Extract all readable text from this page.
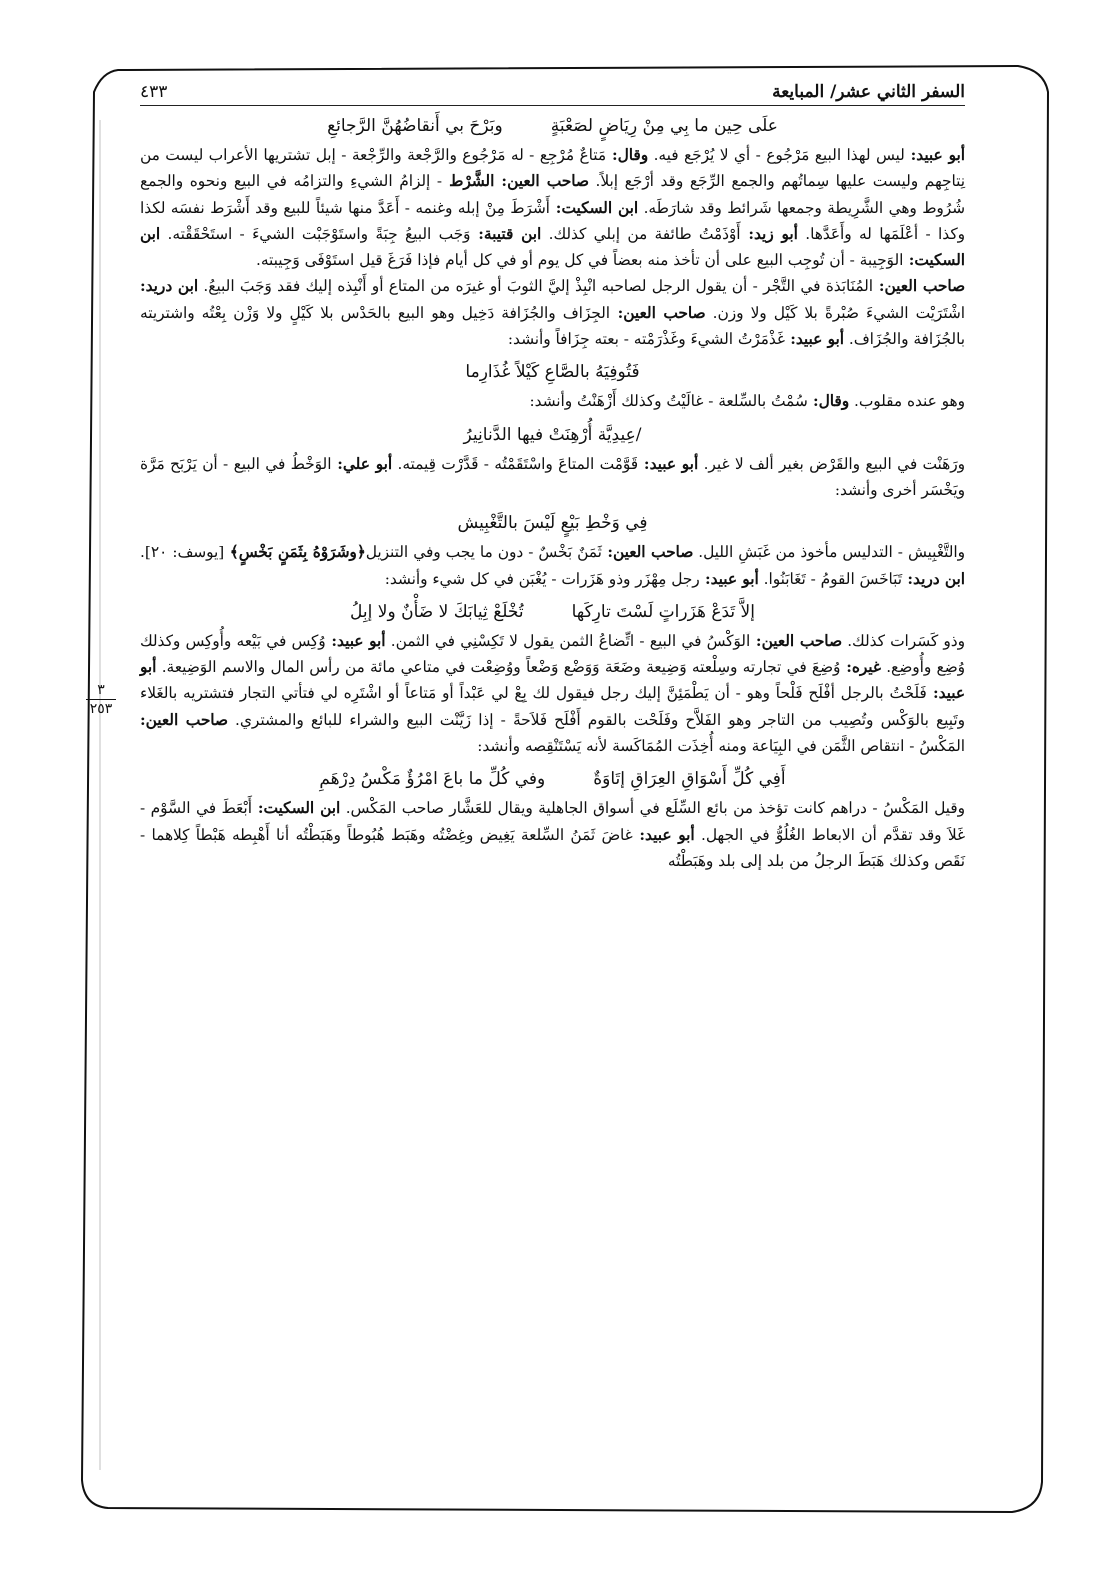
السفر الثاني عشر/ المبايعة
٤٣٣
علَى حِين ما بِي مِنْ رِيَاضٍ لصَعْبَةٍ
وبَرْحَ بي أَنقاضُهُنَّ الرَّجائعِ

أبو عبيد: ليس لهذا البيع مَرْجُوع - أي لا يُرْجَع فيه. وقال: مَتاعٌ مُرْجِع - له مَرْجُوع والرَّجْعة والرِّجْعة - إبل تشتريها الأعراب ليست من نِتاجِهم وليست عليها سِماتُهم والجمع الرِّجَع وقد أرْجَع إبلاً. صاحب العين: الشَّرْط - إلزامُ الشيءِ والتزامُه في البيع ونحوه والجمع شُرُوط وهي الشَّرِيطة وجمعها شَرائط وقد شارَطَه. ابن السكيت: أَشْرَطَ مِنْ إبله وغنمه - أَعَدَّ منها شيئاً للبيع وقد أَشْرَط نفسَه لكذا وكذا - أعْلَمَها له وأَعَدَّها. أبو زيد: أَوْذَمْتُ طائفة من إبلي كذلك. ابن قتيبة: وَجَب البيعُ جِبَةً واستَوْجَبْت الشيءَ - استَحْقَقْته. ابن السكيت: الوَجِيبة - أن تُوجِب البيع على أن تأخذ منه بعضاً في كل يوم أو في كل أيام فإذا فَرَغَ قيل استَوْفَى وَجِيبته.

صاحب العين: المُنَابَذة في التَّجْر - أن يقول الرجل لصاحبه انْبِذْ إليَّ الثوبَ أو غيرَه من المتاع أو أَنْبِذه إليك فقد وَجَبَ البيعُ. ابن دريد: اشْتَرَيْت الشيءَ صُبْرةً بلا كَيْل ولا وزن. صاحب العين: الجِزَاف والجُزَافة دَخِيل وهو البيع بالحَدْس بلا كَيْلٍ ولا وَزْن بِعْتُه واشتريته بالجُزَافة والجُزَاف. أبو عبيد: غَذْمَرْتُ الشيءَ وغَذْرَمْته - بعته جِزَافاً وأنشد:

فَتُوفِيَهُ بالصَّاعِ كَيْلاً غُذَارِما

وهو عنده مقلوب. وقال: سُمْتُ بالسِّلعة - غالَيْتُ وكذلك أَزْهَنْتُ وأنشد:

/عِيدِيَّة أُرْهِنَتْ فيها الدَّنانِيرُ

ورَهَنْت في البيع والقَرْض بغير ألف لا غير. أبو عبيد: قَوَّمْت المتاعَ واسْتَقَمْتُه - قَدَّرْت قِيمته. أبو علي: الوَخْطُ في البيع - أن يَرْبَح مَرَّة ويَخْسَر أخرى وأنشد:

فِي وَخْطِ بَيْعٍ لَيْسَ بالتَّغْبِيش

والتَّغْبِيش - التدليس مأخوذ من غَبَشِ الليل. صاحب العين: ثَمَنٌ بَخْسٌ - دون ما يجب وفي التنزيل﴿وشَرَوْهُ بِثَمَنٍ بَخْسٍ﴾ [يوسف: ٢٠]. ابن دريد: تَبَاخَسَ القومُ - تَغَابَنُوا. أبو عبيد: رجل مِهْزَر وذو هَزَرات - يُغْبَن في كل شيء وأنشد:

إلاَّ تَدَعْ هَزَراتٍ لَسْتَ تارِكَها
تُخْلَعْ ثِيابَكَ لا ضَأْنٌ ولا إبِلُ

وذو كَسَرات كذلك. صاحب العين: الوَكْسُ في البيع - اتِّضاعُ الثمن يقول لا تَكِسْنِي في الثمن. أبو عبيد: وُكِس في بَيْعه وأُوكِس وكذلك وُضِع وأُوضِع. غيره: وُضِعَ في تجارته وسِلْعته وَضِيعة وضَعَة وَوَضْع وَضْعاً ووُضِعْت في متاعي مائة من رأس المال والاسم الوَضِيعة. أبو عبيد: فَلَحْتُ بالرجل أفْلَح فَلْحاً وهو - أن يَطْمَئِنَّ إليك رجل فيقول لك بِعْ لي عَبْداً أو مَتاعاً أو اشْتَرِه لي فتأتي التجار فتشتريه بالغَلاء وتَبِيع بالوَكْس وتُصِيب من التاجر وهو الفَلاَّح وفَلَحْت بالقوم أَفْلَح فَلاَحةً - إذا زَيَّنْت البيع والشراء للبائع والمشتري. صاحب العين: المَكْسُ - انتقاص الثَّمَن في البِيَاعة ومنه أُخِذَت المُمَاكَسة لأنه يَسْتَنْقِصه وأنشد:

أَفِي كُلِّ أَسْوَاقِ العِرَاقِ إتَاوَةٌ
وفي كُلِّ ما باعَ امْرُؤٌ مَكْسُ دِرْهَمِ

وقيل المَكْسُ - دراهم كانت تؤخذ من بائع السِّلَع في أسواق الجاهلية ويقال للعَشَّار صاحب المَكْس. ابن السكيت: أَبْعَطَ في السَّوْم - غَلاَ وقد تقدَّم أن الابعاط الغُلُوُّ في الجهل. أبو عبيد: غاضَ ثَمَنُ السِّلعة يَغِيض وغِضْتُه وهَبَط هُبُوطاً وهَبَطْتُه أنا أَهْبِطه هَبْطاً كِلاهما - نَقَص وكذلك هَبَطَ الرجلُ من بلد إلى بلد وهَبَطْتُه

٣
٢٥٣
